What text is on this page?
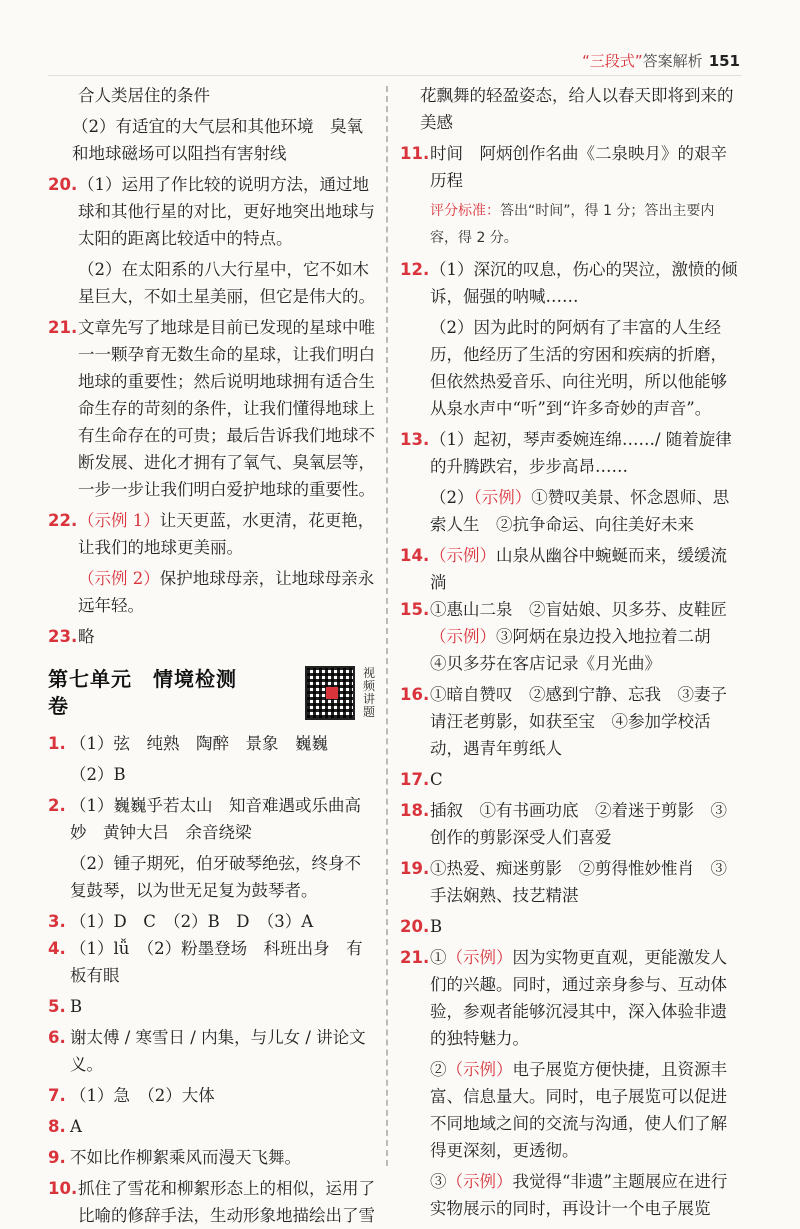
“三段式”答案解析 151

合人类居住的条件

（2）有适宜的大气层和其他环境　臭氧和地球磁场可以阻挡有害射线

20. （1）运用了作比较的说明方法，通过地球和其他行星的对比，更好地突出地球与太阳的距离比较适中的特点。

（2）在太阳系的八大行星中，它不如木星巨大，不如土星美丽，但它是伟大的。

21. 文章先写了地球是目前已发现的星球中唯一一颗孕育无数生命的星球，让我们明白地球的重要性；然后说明地球拥有适合生命生存的苛刻的条件，让我们懂得地球上有生命存在的可贵；最后告诉我们地球不断发展、进化才拥有了氧气、臭氧层等，一步一步让我们明白爱护地球的重要性。

22. （示例 1）让天更蓝，水更清，花更艳，让我们的地球更美丽。

（示例 2）保护地球母亲，让地球母亲永远年轻。

23. 略

第七单元　情境检测卷
视频讲题
1. （1）弦　纯熟　陶醉　景象　巍巍

（2）B

2. （1）巍巍乎若太山　知音难遇或乐曲高妙　黄钟大吕　余音绕梁

（2）锺子期死，伯牙破琴绝弦，终身不复鼓琴，以为世无足复为鼓琴者。

3. （1）D　C　（2）B　D　（3）A

4. （1）lǚ　（2）粉墨登场　科班出身　有板有眼

5. B

6. 谢太傅 / 寒雪日 / 内集，与儿女 / 讲论文义。

7. （1）急　（2）大体

8. A

9. 不如比作柳絮乘风而漫天飞舞。

10. 抓住了雪花和柳絮形态上的相似，运用了比喻的修辞手法，生动形象地描绘出了雪

花飘舞的轻盈姿态，给人以春天即将到来的美感

11. 时间　阿炳创作名曲《二泉映月》的艰辛历程

评分标准：答出“时间”，得 1 分；答出主要内容，得 2 分。

12. （1）深沉的叹息，伤心的哭泣，激愤的倾诉，倔强的呐喊……

（2）因为此时的阿炳有了丰富的人生经历，他经历了生活的穷困和疾病的折磨，但依然热爱音乐、向往光明，所以他能够从泉水声中“听”到“许多奇妙的声音”。

13. （1）起初，琴声委婉连绵……/ 随着旋律的升腾跌宕，步步高昂……

（2）（示例）①赞叹美景、怀念恩师、思索人生　②抗争命运、向往美好未来

14. （示例）山泉从幽谷中蜿蜒而来，缓缓流淌

15. ①惠山二泉　②盲姑娘、贝多芬、皮鞋匠　（示例）③阿炳在泉边投入地拉着二胡　④贝多芬在客店记录《月光曲》

16. ①暗自赞叹　②感到宁静、忘我　③妻子请汪老剪影，如获至宝　④参加学校活动，遇青年剪纸人

17. C

18. 插叙　①有书画功底　②着迷于剪影　③创作的剪影深受人们喜爱

19. ①热爱、痴迷剪影　②剪得惟妙惟肖　③手法娴熟、技艺精湛

20. B

21. ①（示例）因为实物更直观，更能激发人们的兴趣。同时，通过亲身参与、互动体验，参观者能够沉浸其中，深入体验非遗的独特魅力。

②（示例）电子展览方便快捷，且资源丰富、信息量大。同时，电子展览可以促进不同地域之间的交流与沟通，使人们了解得更深刻，更透彻。

③（示例）我觉得“非遗”主题展应在进行实物展示的同时，再设计一个电子展览
